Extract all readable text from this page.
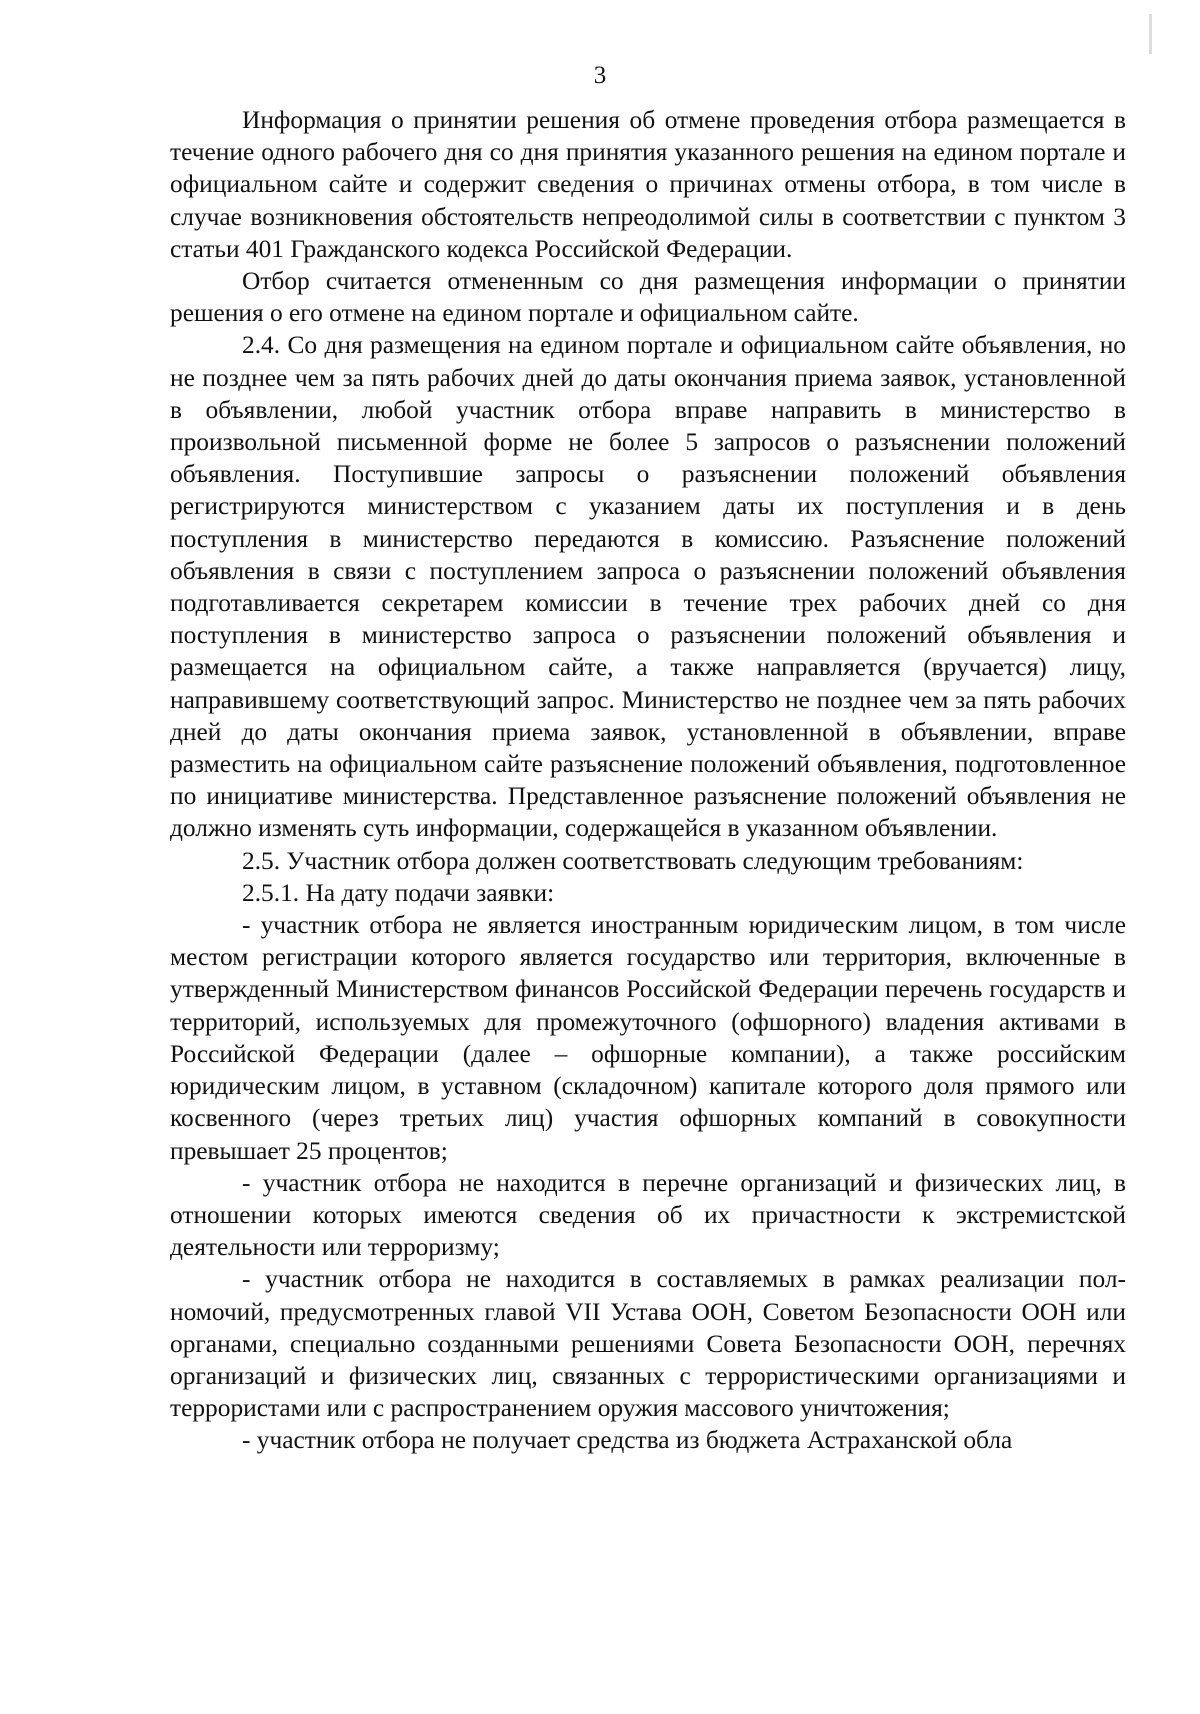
3

Информация о принятии решения об отмене проведения отбора размещается в течение одного рабочего дня со дня принятия указанного решения на едином портале и официальном сайте и содержит сведения о причинах отмены отбора, в том числе в случае возникновения обстоятельств непреодолимой силы в соответствии с пунктом 3 статьи 401 Гражданского кодекса Российской Федерации.

Отбор считается отмененным со дня размещения информации о принятии решения о его отмене на едином портале и официальном сайте.

2.4. Со дня размещения на едином портале и официальном сайте объявления, но не позднее чем за пять рабочих дней до даты окончания приема заявок, установленной в объявлении, любой участник отбора вправе направить в министерство в произвольной письменной форме не более 5 запросов о разъяснении положений объявления. Поступившие запросы о разъяснении положений объявления регистрируются министерством с указанием даты их поступления и в день поступления в министерство передаются в комиссию. Разъяснение положений объявления в связи с поступлением запроса о разъяснении положений объявления подготавливается секретарем комиссии в течение трех рабочих дней со дня поступления в министерство запроса о разъяснении положений объявления и размещается на официальном сайте, а также направляется (вручается) лицу, направившему соответствующий запрос. Министерство не позднее чем за пять рабочих дней до даты окончания приема заявок, установленной в объявлении, вправе разместить на официальном сайте разъяснение положений объявления, подготовленное по инициативе министерства. Представленное разъяснение положений объявления не должно изменять суть информации, содержащейся в указанном объявлении.

2.5. Участник отбора должен соответствовать следующим требованиям:

2.5.1. На дату подачи заявки:

- участник отбора не является иностранным юридическим лицом, в том числе местом регистрации которого является государство или территория, включенные в утвержденный Министерством финансов Российской Федерации перечень государств и территорий, используемых для промежуточного (офшорного) владения активами в Российской Федерации (далее – офшорные компании), а также российским юридическим лицом, в уставном (складочном) капитале которого доля прямого или косвенного (через третьих лиц) участия офшорных компаний в совокупности превышает 25 процентов;

- участник отбора не находится в перечне организаций и физических лиц, в отношении которых имеются сведения об их причастности к экстремистской деятельности или терроризму;

- участник отбора не находится в составляемых в рамках реализации полномочий, предусмотренных главой VII Устава ООН, Советом Безопасности ООН или органами, специально созданными решениями Совета Безопасности ООН, перечнях организаций и физических лиц, связанных с террористическими организациями и террористами или с распространением оружия массового уничтожения;

- участник отбора не получает средства из бюджета Астраханской обла
